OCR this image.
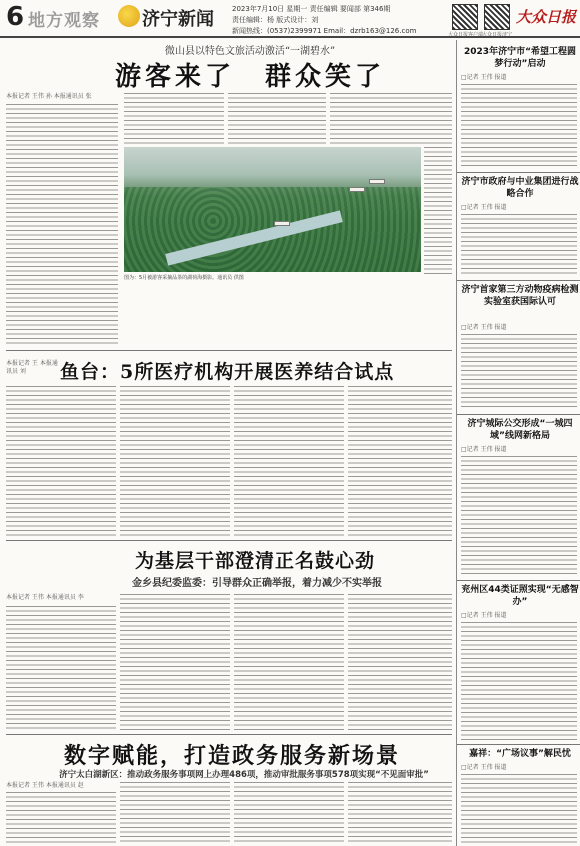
6 地方观察 济宁新闻	2023年7月10日 星期一 责任编辑 要闻部 第346期
责任编辑：杨 版式设计：刘
新闻热线：(0537)2399971 Email：dzrb163@126.com	大众日报客户端
大众日报济宁
大众日报
微山县以特色文旅活动激活“一湖碧水”
游客来了　群众笑了
本报记者 王伟 孙 本报通讯员 张
图为：5月被游客采摘品茶的湖荷海摄影。通讯员 供图
鱼台：5所医疗机构开展医养结合试点
本报记者 王 本报通讯员 刘
为基层干部澄清正名鼓心劲
金乡县纪委监委：引导群众正确举报，着力减少不实举报
本报记者 王伟 本报通讯员 李
数字赋能，打造政务服务新场景
济宁太白湖新区：推动政务服务事项网上办理486项，推动审批服务事项578项实现“不见面审批”
本报记者 王伟 本报通讯员 赵
2023年济宁市“希望工程圆梦行动”启动
□记者 王伟 报道
济宁市政府与中业集团进行战略合作
□记者 王伟 报道
济宁首家第三方动物疫病检测实验室获国际认可
□记者 王伟 报道
济宁城际公交形成“一城四域”线网新格局
□记者 王伟 报道
兖州区44类证照实现“无感智办”
□记者 王伟 报道
嘉祥：“广场议事”解民忧
□记者 王伟 报道
